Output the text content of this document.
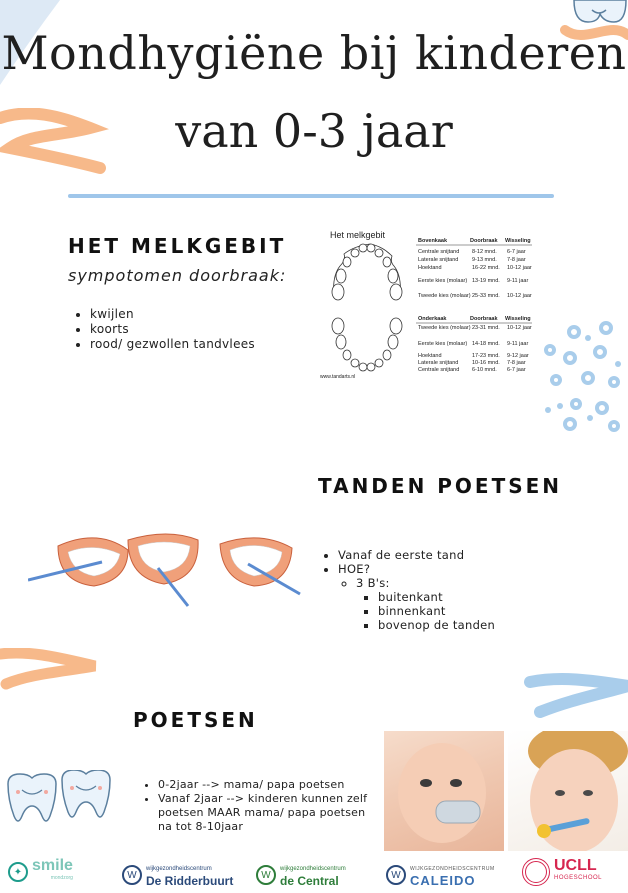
Mondhygiëne bij kinderen
van 0-3 jaar
HET MELKGEBIT
sympotomen doorbraak:
• kwijlen
• koorts
• rood/ gezwollen tandvlees
Het melkgebit
Bovenkaak	Doorbraak Wisseling
Centrale snijtand 8-12 mnd. 6-7 jaar
Laterale snijtand 9-13 mnd. 7-8 jaar
Hoektand	16-22 mnd. 10-12 jaar
Eerste kies (molaar) 13-19 mnd. 9-11 jaar
Tweede kies (molaar) 25-33 mnd. 10-12 jaar
Onderkaak	Doorbraak Wisseling
Tweede kies (molaar) 23-31 mnd. 10-12 jaar
Eerste kies (molaar) 14-18 mnd. 9-11 jaar
Hoektand	17-23 mnd. 9-12 jaar
Laterale snijtand 10-16 mnd. 7-8 jaar
Centrale snijtand 6-10 mnd. 6-7 jaar
www.tandarts.nl
TANDEN POETSEN
• Vanaf de eerste tand
• HOE?
◦ 3 B's:
▪ buitenkant
▪ binnenkant
▪ bovenop de tanden
POETSEN
• 0-2jaar --> mama/ papa poetsen
• Vanaf 2jaar --> kinderen kunnen zelf poetsen MAAR mama/ papa poetsen na tot 8-10jaar
✦ smile
mondzorg	W
wijkgezondheidscentrum
De Ridderbuurt	W
wijkgezondheidscentrum
de Central	W
WIJKGEZONDHEIDSCENTRUM
CALEIDO
UCLL
HOGESCHOOL
